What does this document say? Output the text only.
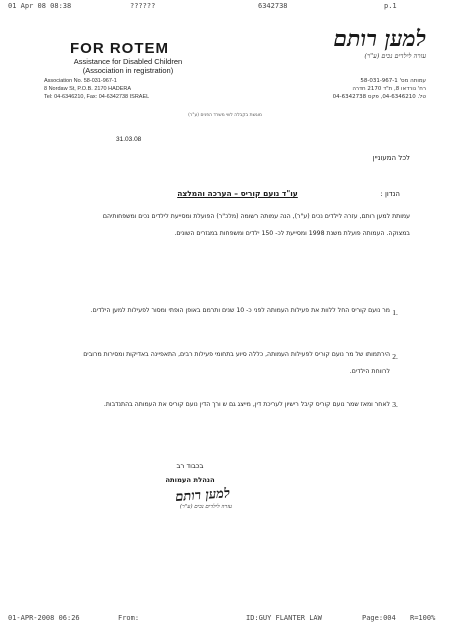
01 Apr 08 08:38	??????	6342738	p.1
FOR ROTEM
Assistance for Disabled Children
(Association in registration)
Association No. 58-031-967-1
8 Nordaw St, P.O.B. 2170 HADERA
Tel: 04-6346210, Fax: 04-6342738 ISRAEL
למען רותם
עזרה לילדים נכים (ע"ר)
עמותה מס' 58-031-967-1
רח' נורדאו 8, ת"ד 2170 חדרה
טל. 04-6346210, פקס 04-6342738
מוגשת בקבלה לשי משרד הפנים (ע"ר)
31.03.08
לכל המעוניין
הנדון :
עו"ד נועם קוריס – הערכה והמלצה
עמותת למען רותם, עזרה לילדים נכים (ע"ר), הנה עמותה רשומה (מלכ"ר) הפועלת ומסייעת לילדים נכים ומשפחותיהם במצוקה. העמותה פועלת משנת 1998 ומסייעת לכ- 150 ילדים ומשפחות במגזרים השונים.
1.
מר נועם קוריס החל ללוות את פעילות העמותה לפני כ- 10 שנים ותרמם באופן הופתי ומסור לפעילות למען הילדים.
2.
הירתמותו של מר נועם קוריס לפעילות העמותה, כללה סיוע בתחומי פעילות רבים, התאפיינה באדיקות ומסירות מרובים לרווחת הילדים.
3.
לאחר ומאז שמר נועם קוריס קיבל רישיון לעריכת דין, מייצג גם ש ורך הדין נועם קוריס את העמותה בהתנדבות.
בכבוד רב
הנהלת העמותה
למען רותם
עזרה לילדים נכים (ע"ר)
01-APR-2008 06:26	From:	ID:GUY FLANTER LAW	Page:004 R=100%
